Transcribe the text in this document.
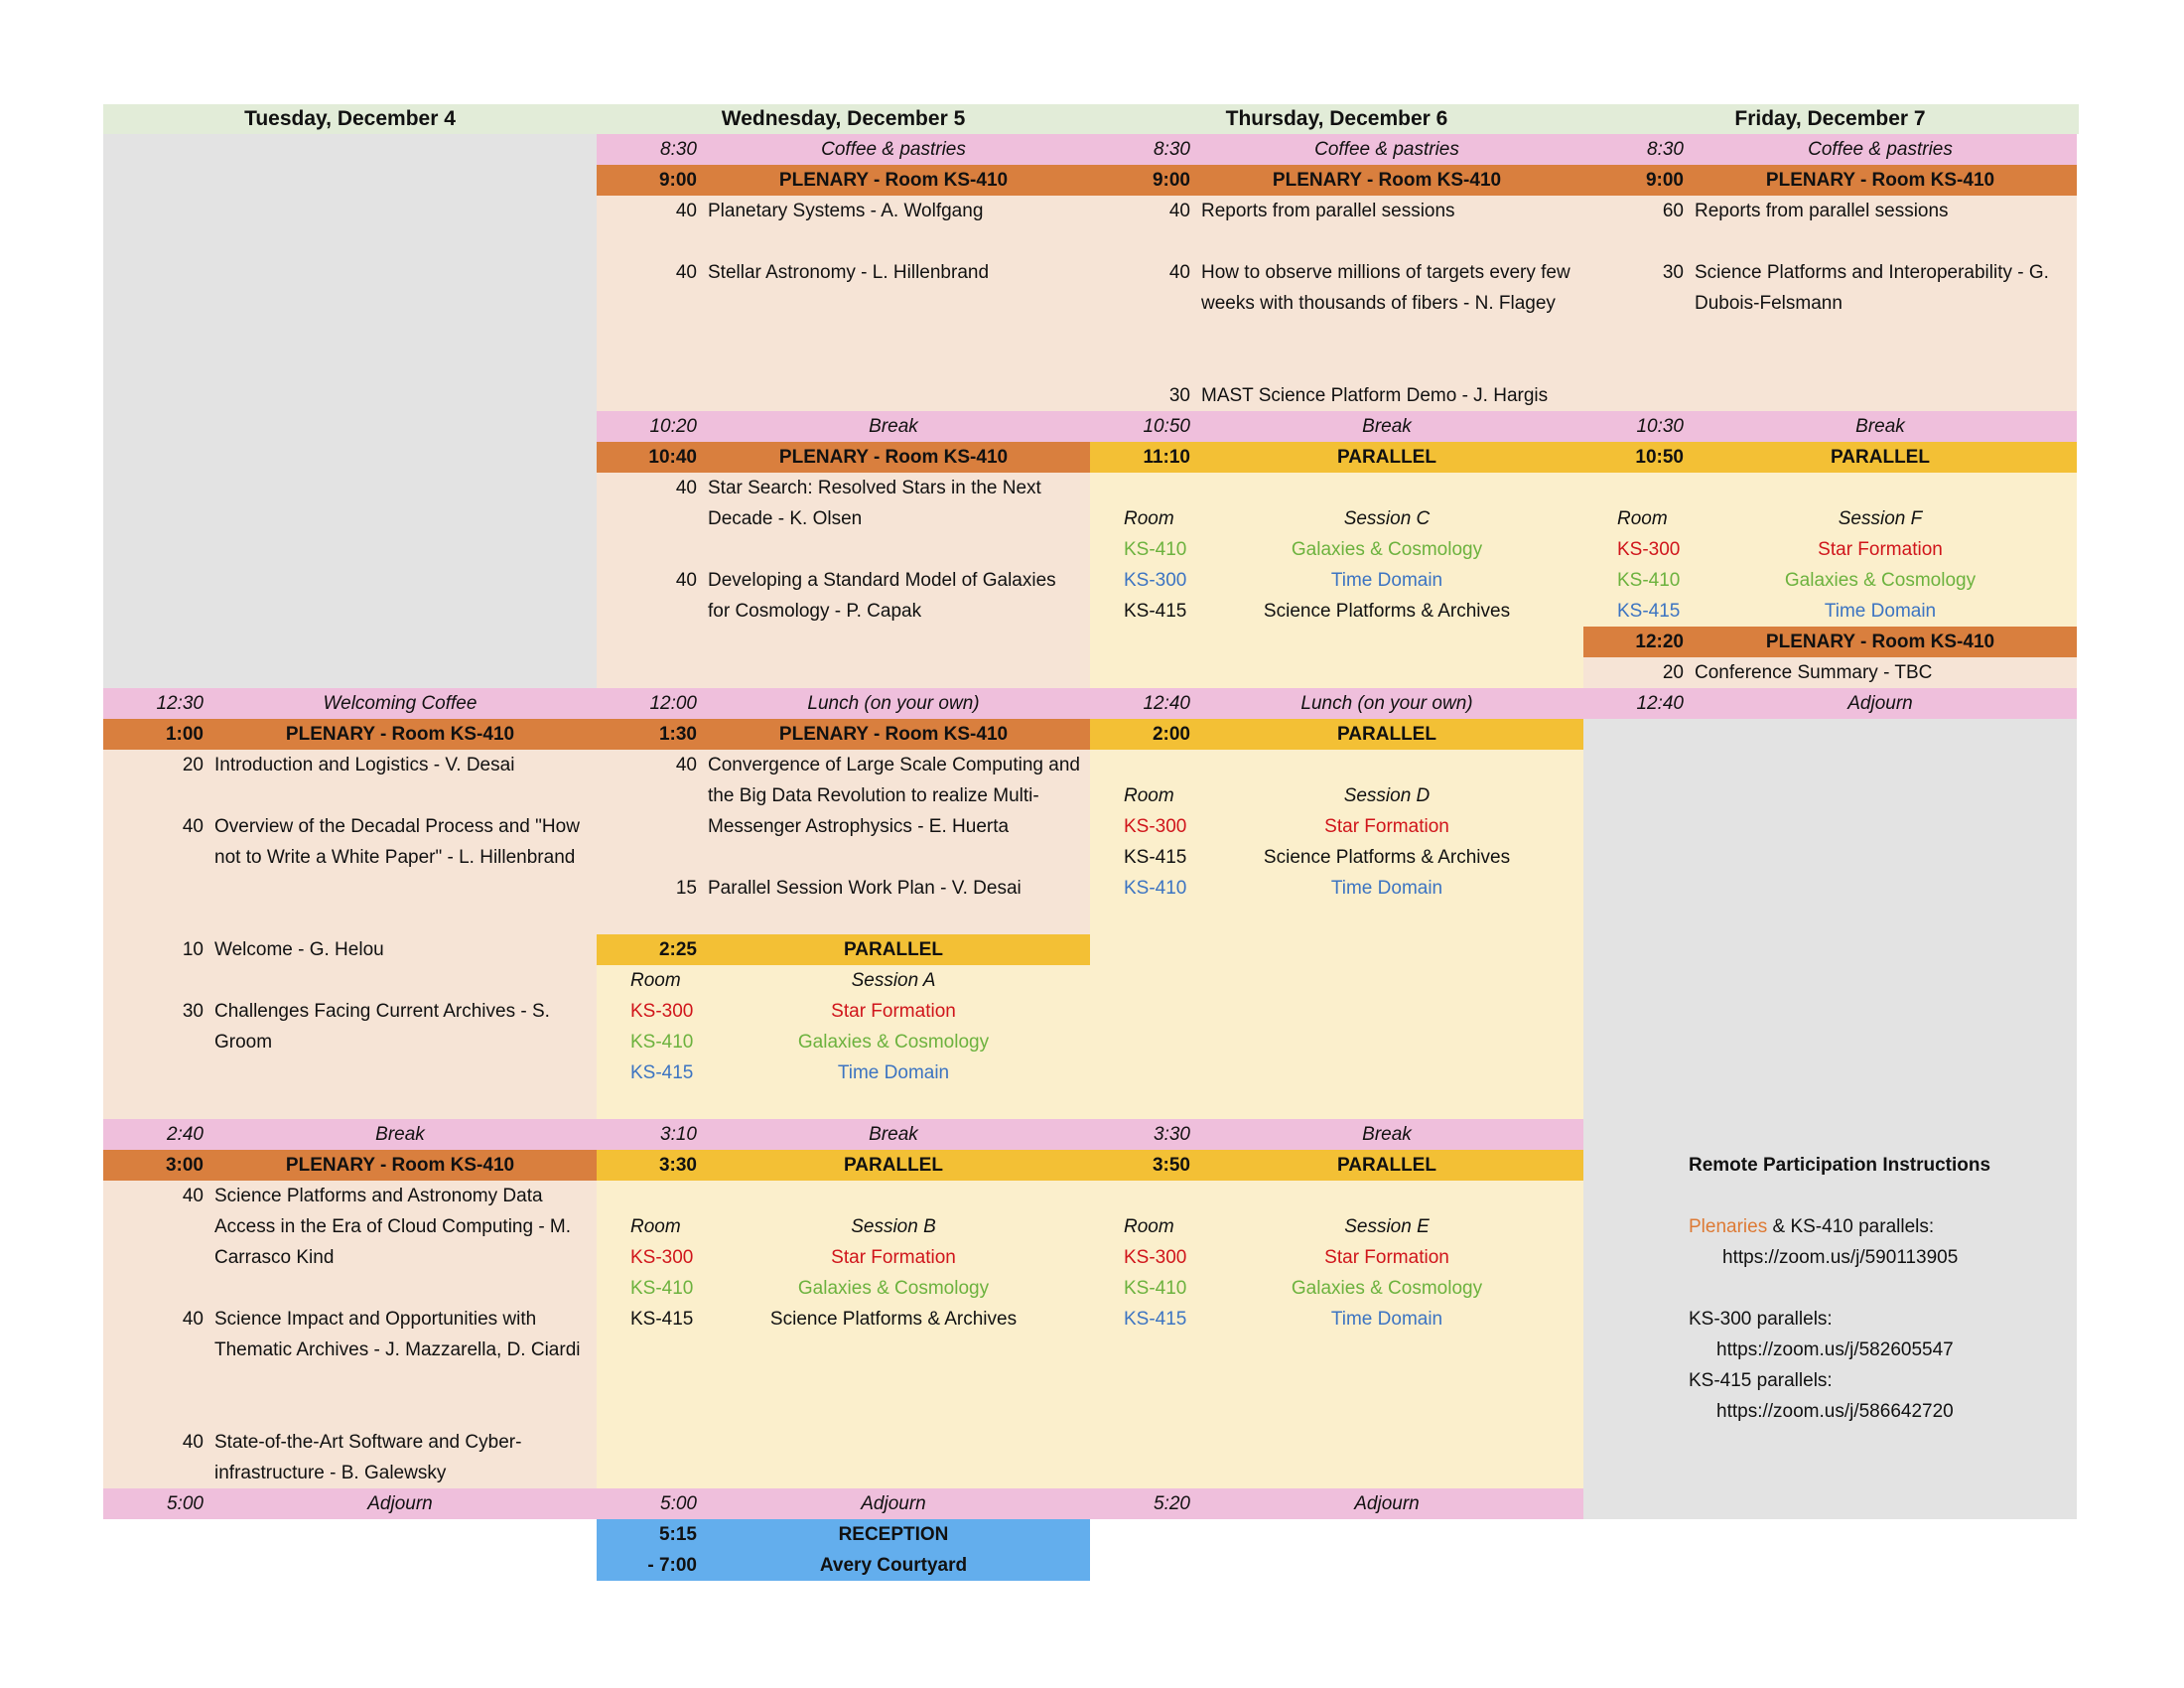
Tuesday, December 4	Wednesday, December 5	Thursday, December 6	Friday, December 7
12:30	Welcoming Coffee
1:00	PLENARY - Room KS-410
20 Introduction and Logistics - V. Desai
40 Overview of the Decadal Process and "How not to Write a White Paper" - L. Hillenbrand
10 Welcome - G. Helou
30 Challenges Facing Current Archives - S. Groom
2:40	Break
3:00	PLENARY - Room KS-410
40 Science Platforms and Astronomy Data Access in the Era of Cloud Computing - M. Carrasco Kind
40 Science Impact and Opportunities with Thematic Archives - J. Mazzarella, D. Ciardi
40 State-of-the-Art Software and Cyber-infrastructure - B. Galewsky
5:00	Adjourn
8:30	Coffee & pastries
9:00	PLENARY - Room KS-410
40 Planetary Systems - A. Wolfgang
40 Stellar Astronomy - L. Hillenbrand
10:20	Break
10:40	PLENARY - Room KS-410
40 Star Search: Resolved Stars in the Next Decade - K. Olsen
40 Developing a Standard Model of Galaxies for Cosmology - P. Capak
12:00	Lunch (on your own)
1:30	PLENARY - Room KS-410
40 Convergence of Large Scale Computing and the Big Data Revolution to realize Multi-Messenger Astrophysics - E. Huerta
15 Parallel Session Work Plan - V. Desai
2:25	PARALLEL
Room	Session A
KS-300	Star Formation
KS-410	Galaxies & Cosmology
KS-415	Time Domain
3:10	Break
3:30	PARALLEL
Room	Session B
KS-300	Star Formation
KS-410	Galaxies & Cosmology
KS-415	Science Platforms & Archives
5:00	Adjourn
5:15	RECEPTION
- 7:00	Avery Courtyard
8:30	Coffee & pastries
9:00	PLENARY - Room KS-410
40 Reports from parallel sessions
40 How to observe millions of targets every few weeks with thousands of fibers - N. Flagey
30 MAST Science Platform Demo - J. Hargis
10:50	Break
11:10	PARALLEL
Room	Session C
KS-410	Galaxies & Cosmology
KS-300	Time Domain
KS-415	Science Platforms & Archives
12:40	Lunch (on your own)
2:00	PARALLEL
Room	Session D
KS-300	Star Formation
KS-415	Science Platforms & Archives
KS-410	Time Domain
3:30	Break
3:50	PARALLEL
Room	Session E
KS-300	Star Formation
KS-410	Galaxies & Cosmology
KS-415	Time Domain
5:20	Adjourn
8:30	Coffee & pastries
9:00	PLENARY - Room KS-410
60 Reports from parallel sessions
30 Science Platforms and Interoperability - G. Dubois-Felsmann
10:30	Break
10:50	PARALLEL
Room	Session F
KS-300	Star Formation
KS-410	Galaxies & Cosmology
KS-415	Time Domain
12:20	PLENARY - Room KS-410
20 Conference Summary - TBC
12:40	Adjourn
Remote Participation Instructions
Plenaries & KS-410 parallels:
https://zoom.us/j/590113905
KS-300 parallels:
https://zoom.us/j/582605547
KS-415 parallels:
https://zoom.us/j/586642720
